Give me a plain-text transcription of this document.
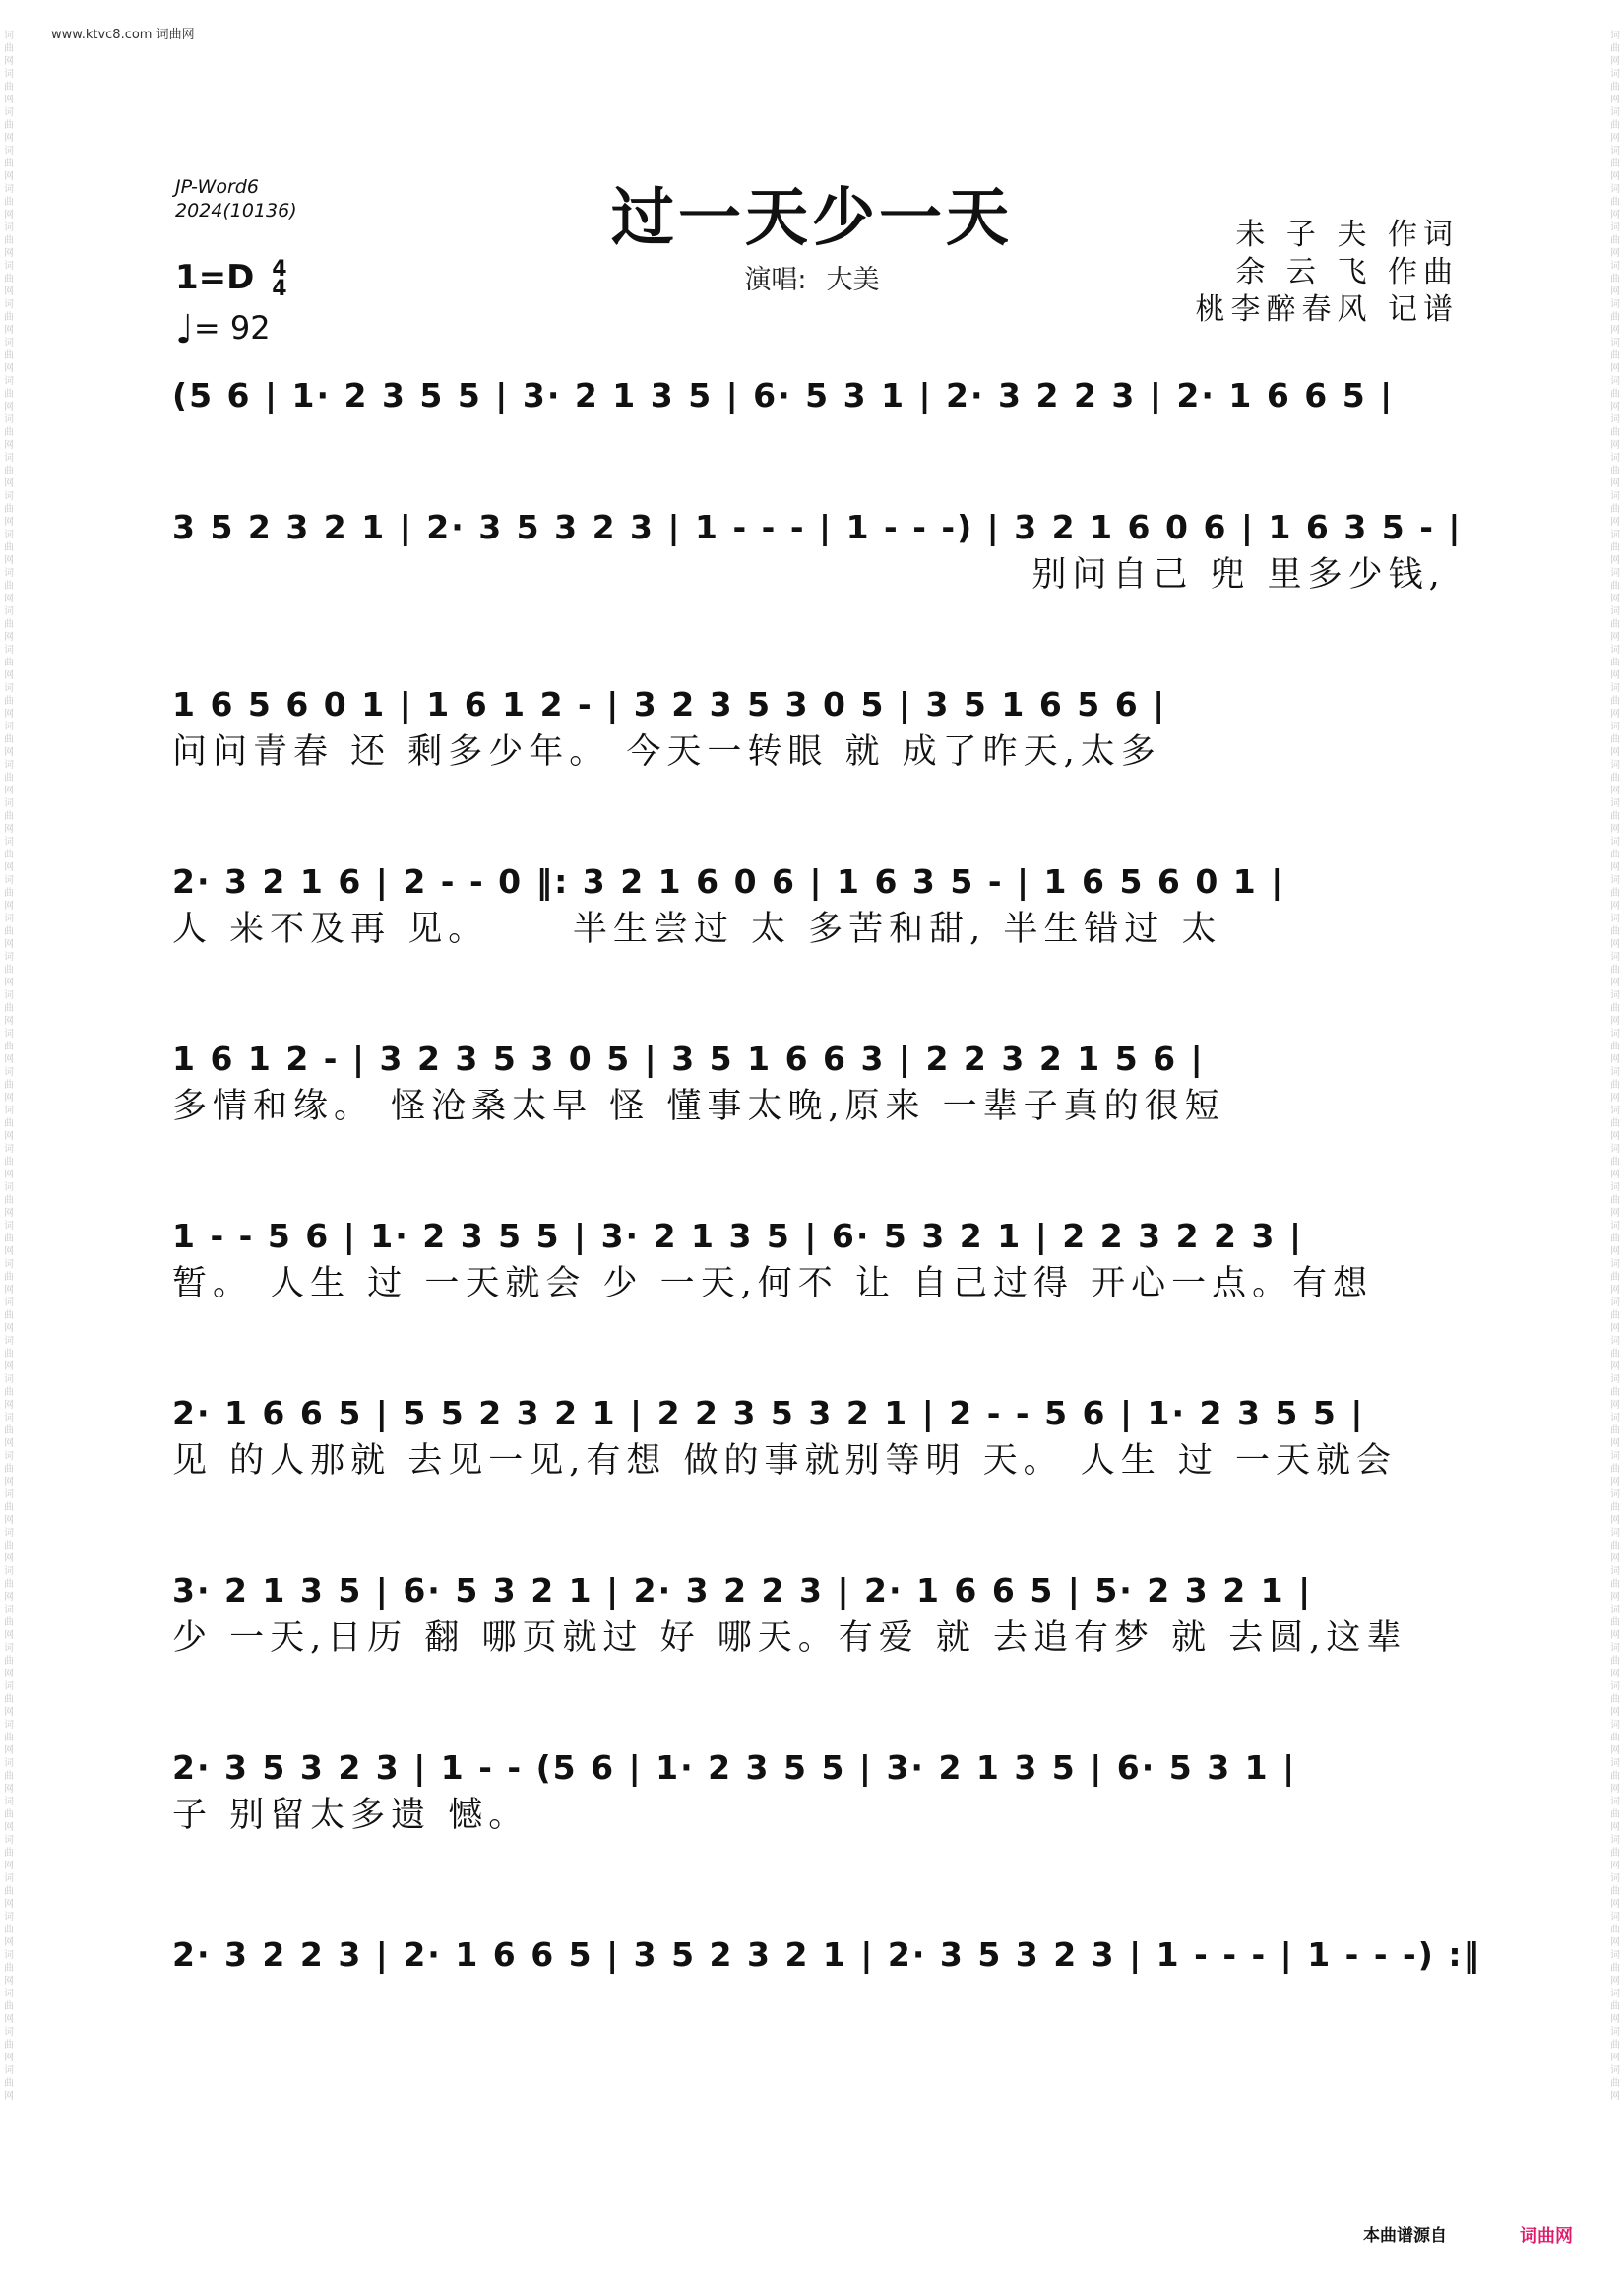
www.ktvc8.com 词曲网
词曲网词曲网词曲网词曲网词曲网词曲网词曲网词曲网词曲网词曲网词曲网词曲网词曲网词曲网词曲网词曲网词曲网词曲网词曲网词曲网词曲网词曲网词曲网词曲网词曲网词曲网词曲网词曲网词曲网词曲网词曲网词曲网词曲网词曲网词曲网词曲网词曲网词曲网词曲网词曲网词曲网词曲网词曲网词曲网词曲网词曲网词曲网词曲网词曲网词曲网词曲网词曲网词曲网词曲网
词曲网词曲网词曲网词曲网词曲网词曲网词曲网词曲网词曲网词曲网词曲网词曲网词曲网词曲网词曲网词曲网词曲网词曲网词曲网词曲网词曲网词曲网词曲网词曲网词曲网词曲网词曲网词曲网词曲网词曲网词曲网词曲网词曲网词曲网词曲网词曲网词曲网词曲网词曲网词曲网词曲网词曲网词曲网词曲网词曲网词曲网词曲网词曲网词曲网词曲网词曲网词曲网词曲网词曲网
JP-Word6
2024(10136)	过一天少一天
演唱: 大美
未 子 夫 作词
余 云 飞 作曲
桃李醉春风 记谱
1=D 4
4
♩= 92
(5 6 | 1· 2 3 5 5 | 3· 2 1 3 5 | 6· 5 3 1 | 2· 3 2 2 3 | 2· 1 6 6 5 |
3 5 2 3 2 1 | 2· 3 5 3 2 3 | 1 - - - | 1 - - -) | 3 2 1 6 0 6 | 1 6 3 5 - |
别问自己 兜 里多少钱,
1 6 5 6 0 1 | 1 6 1 2 - | 3 2 3 5 3 0 5 | 3 5 1 6 5 6 |
问问青春 还 剩多少年。 今天一转眼 就 成了昨天,太多
2· 3 2 1 6 | 2 - - 0 ‖: 3 2 1 6 0 6 | 1 6 3 5 - | 1 6 5 6 0 1 |
人 来不及再 见。     半生尝过 太 多苦和甜, 半生错过 太
1 6 1 2 - | 3 2 3 5 3 0 5 | 3 5 1 6 6 3 | 2 2 3 2 1 5 6 |
多情和缘。 怪沧桑太早 怪 懂事太晚,原来 一辈子真的很短
1 - - 5 6 | 1· 2 3 5 5 | 3· 2 1 3 5 | 6· 5 3 2 1 | 2 2 3 2 2 3 |
暂。 人生 过 一天就会 少 一天,何不 让 自己过得 开心一点。有想
2· 1 6 6 5 | 5 5 2 3 2 1 | 2 2 3 5 3 2 1 | 2 - - 5 6 | 1· 2 3 5 5 |
见 的人那就 去见一见,有想 做的事就别等明 天。 人生 过 一天就会
3· 2 1 3 5 | 6· 5 3 2 1 | 2· 3 2 2 3 | 2· 1 6 6 5 | 5· 2 3 2 1 |
少 一天,日历 翻 哪页就过 好 哪天。有爱 就 去追有梦 就 去圆,这辈
2· 3 5 3 2 3 | 1 - - (5 6 | 1· 2 3 5 5 | 3· 2 1 3 5 | 6· 5 3 1 |
子 别留太多遗 憾。
2· 3 2 2 3 | 2· 1 6 6 5 | 3 5 2 3 2 1 | 2· 3 5 3 2 3 | 1 - - - | 1 - - -) :‖
本曲谱源自	词曲网
